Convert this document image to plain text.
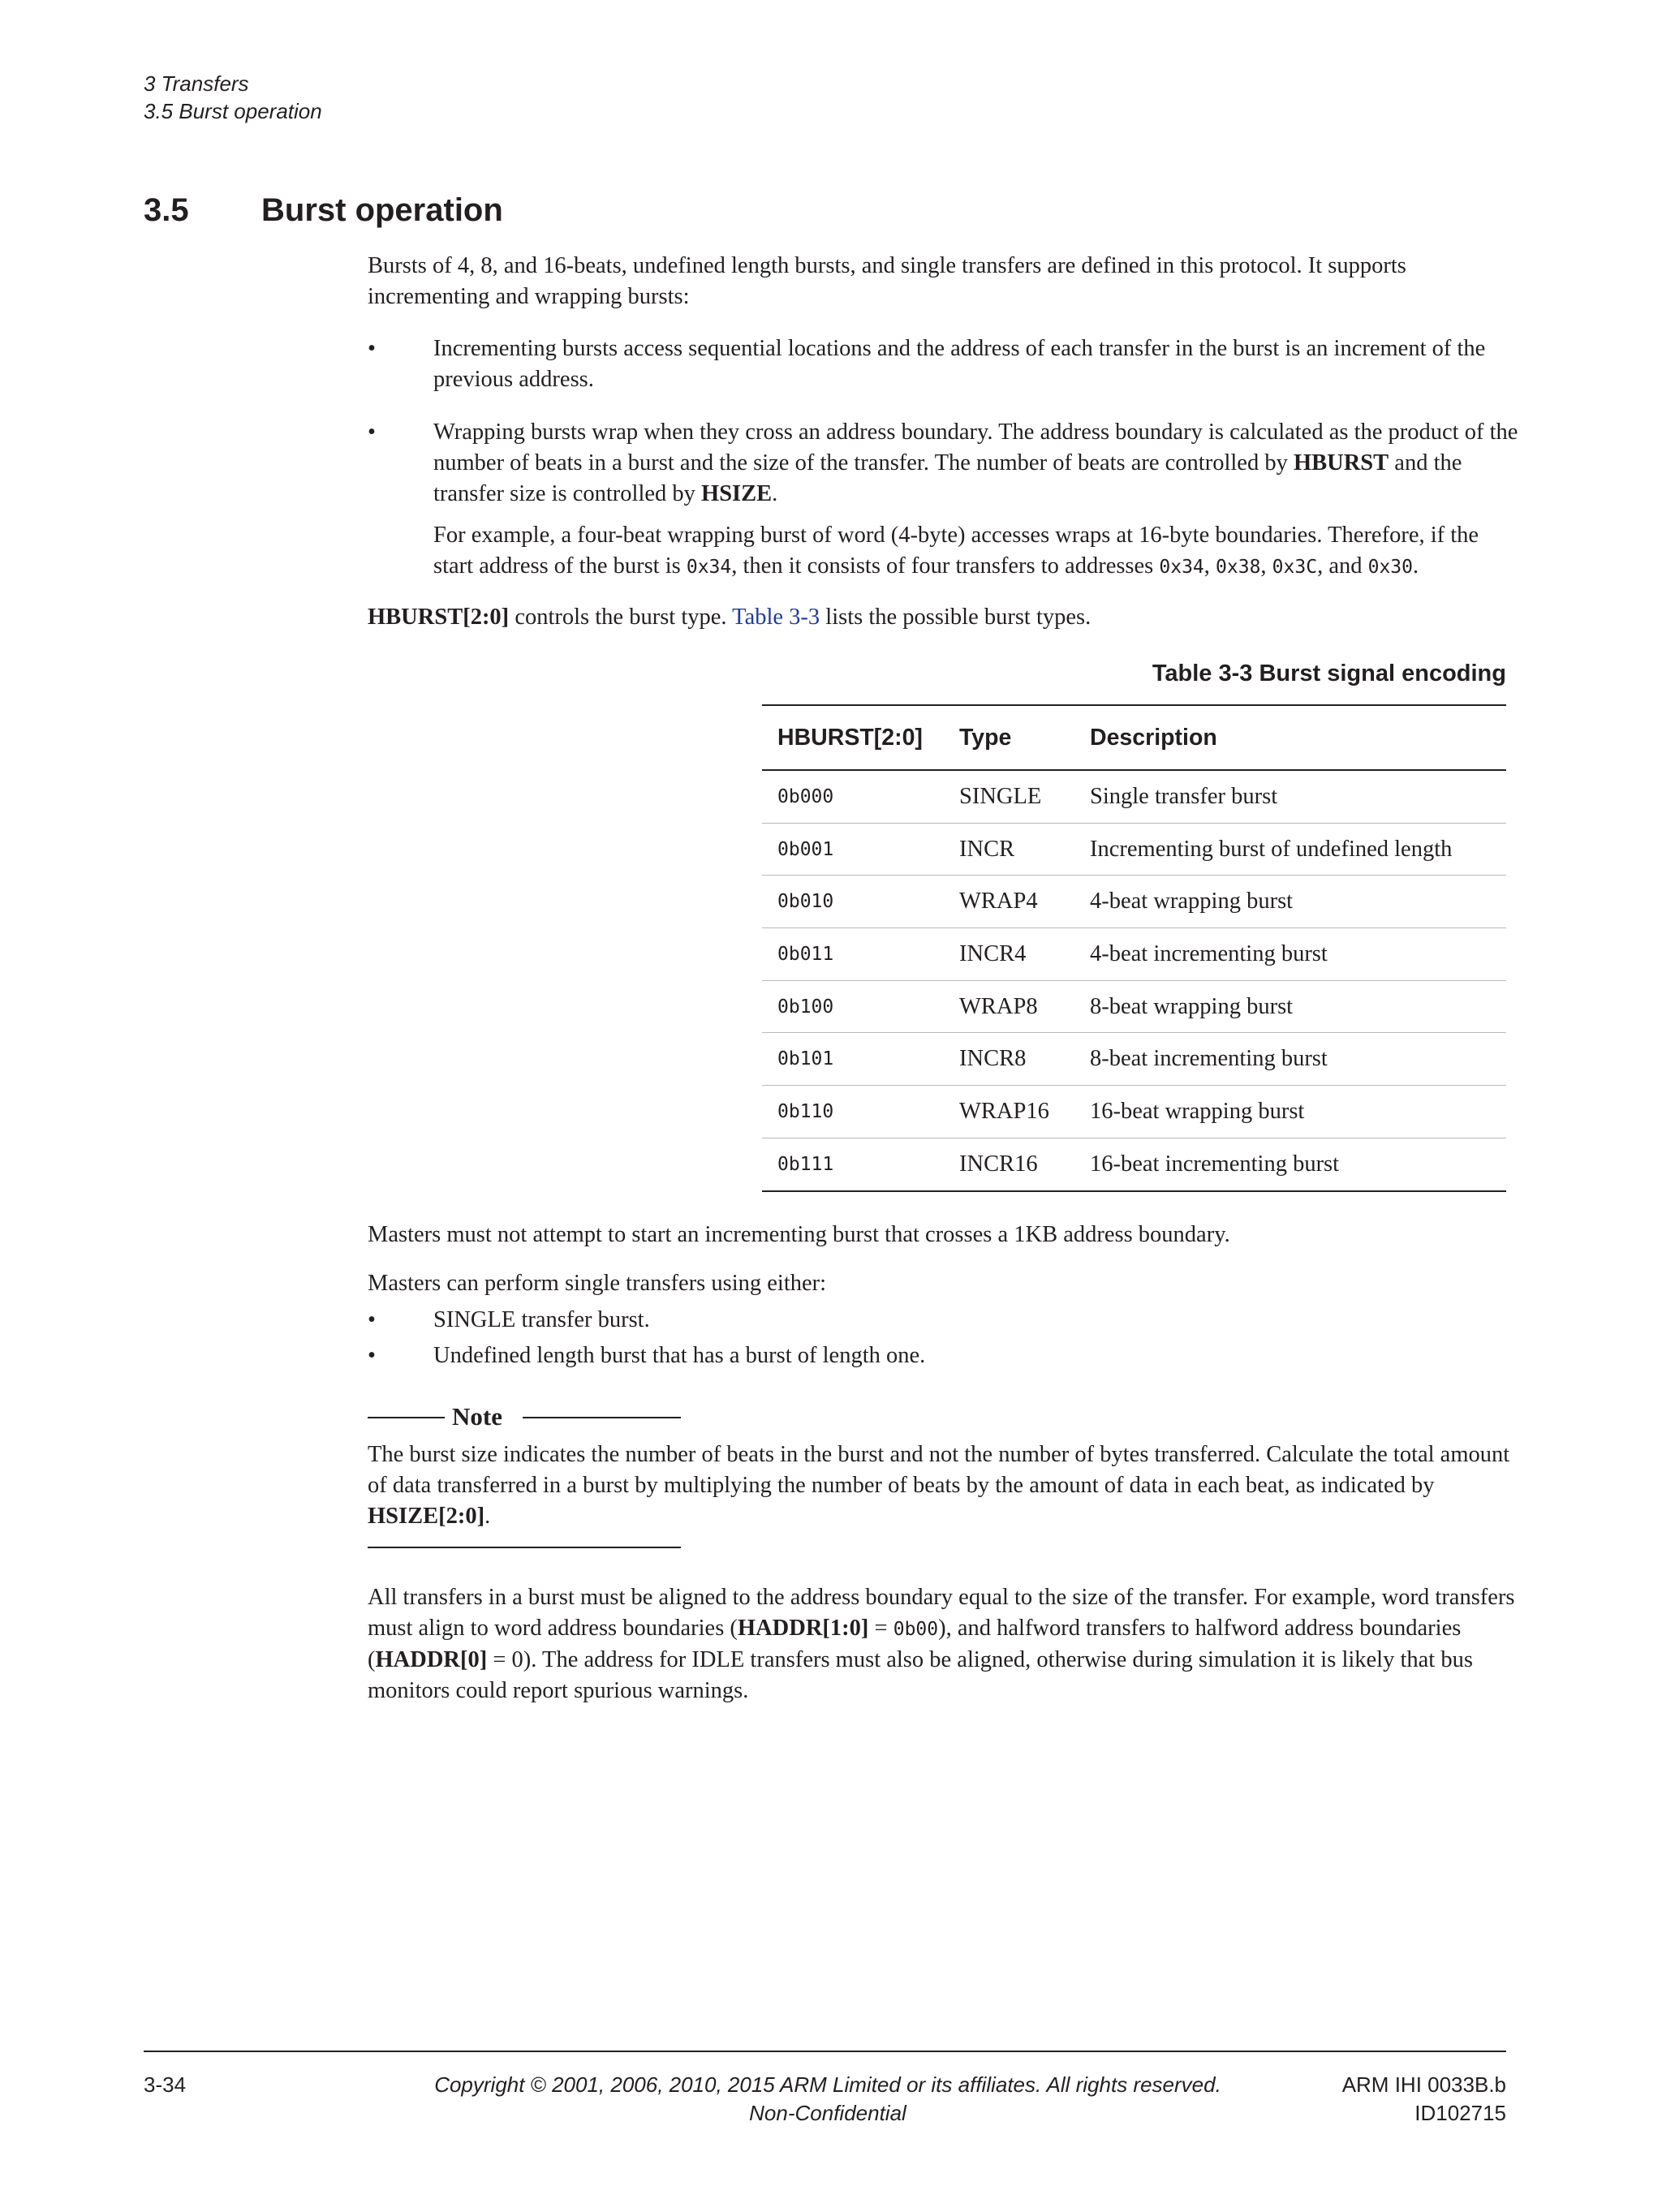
3 Transfers
3.5 Burst operation
3.5 Burst operation

Bursts of 4, 8, and 16-beats, undefined length bursts, and single transfers are defined in this protocol. It supports incrementing and wrapping bursts:

• Incrementing bursts access sequential locations and the address of each transfer in the burst is an increment of the previous address.

• Wrapping bursts wrap when they cross an address boundary. The address boundary is calculated as the product of the number of beats in a burst and the size of the transfer. The number of beats are controlled by HBURST and the transfer size is controlled by HSIZE.

For example, a four-beat wrapping burst of word (4-byte) accesses wraps at 16-byte boundaries. Therefore, if the start address of the burst is 0x34, then it consists of four transfers to addresses 0x34, 0x38, 0x3C, and 0x30.

HBURST[2:0] controls the burst type. Table 3-3 lists the possible burst types.

Table 3-3 Burst signal encoding
HBURST[2:0]	Type	Description
0b000	SINGLE	Single transfer burst
0b001	INCR	Incrementing burst of undefined length
0b010	WRAP4	4-beat wrapping burst
0b011	INCR4	4-beat incrementing burst
0b100	WRAP8	8-beat wrapping burst
0b101	INCR8	8-beat incrementing burst
0b110	WRAP16	16-beat wrapping burst
0b111	INCR16	16-beat incrementing burst

Masters must not attempt to start an incrementing burst that crosses a 1KB address boundary.

Masters can perform single transfers using either:

• SINGLE transfer burst.

• Undefined length burst that has a burst of length one.

Note

The burst size indicates the number of beats in the burst and not the number of bytes transferred. Calculate the total amount of data transferred in a burst by multiplying the number of beats by the amount of data in each beat, as indicated by HSIZE[2:0].

All transfers in a burst must be aligned to the address boundary equal to the size of the transfer. For example, word transfers must align to word address boundaries (HADDR[1:0] = 0b00), and halfword transfers to halfword address boundaries (HADDR[0] = 0). The address for IDLE transfers must also be aligned, otherwise during simulation it is likely that bus monitors could report spurious warnings.

3-34	Copyright © 2001, 2006, 2010, 2015 ARM Limited or its affiliates. All rights reserved.
Non-Confidential
ARM IHI 0033B.b
ID102715
